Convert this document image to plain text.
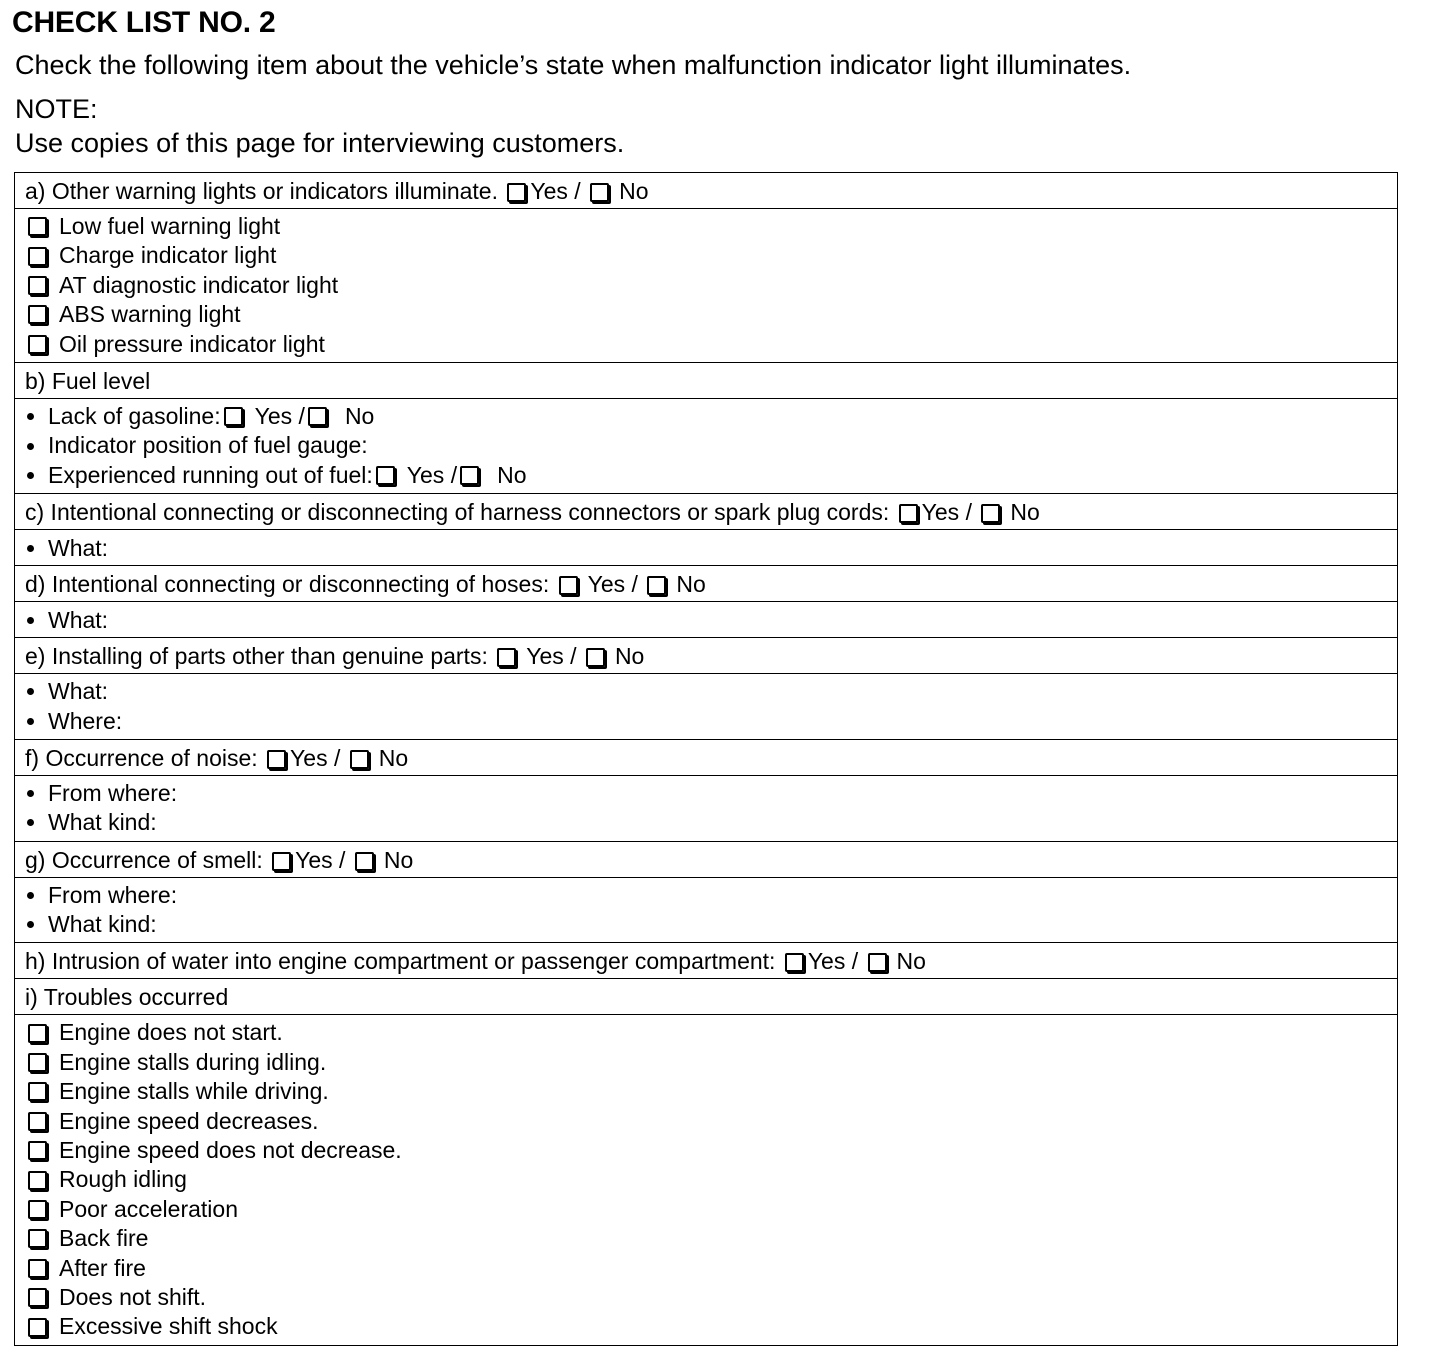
CHECK LIST NO. 2
Check the following item about the vehicle’s state when malfunction indicator light illuminates.
NOTE:
Use copies of this page for interviewing customers.
a) Other warning lights or indicators illuminate. Yes / No
Low fuel warning light
Charge indicator light
AT diagnostic indicator light
ABS warning light
Oil pressure indicator light
b) Fuel level
Lack of gasoline: Yes / No
Indicator position of fuel gauge:
Experienced running out of fuel: Yes / No
c) Intentional connecting or disconnecting of harness connectors or spark plug cords: Yes / No
What:
d) Intentional connecting or disconnecting of hoses: Yes / No
What:
e) Installing of parts other than genuine parts: Yes / No
What:
Where:
f) Occurrence of noise: Yes / No
From where:
What kind:
g) Occurrence of smell: Yes / No
From where:
What kind:
h) Intrusion of water into engine compartment or passenger compartment: Yes / No
i) Troubles occurred
Engine does not start.
Engine stalls during idling.
Engine stalls while driving.
Engine speed decreases.
Engine speed does not decrease.
Rough idling
Poor acceleration
Back fire
After fire
Does not shift.
Excessive shift shock
